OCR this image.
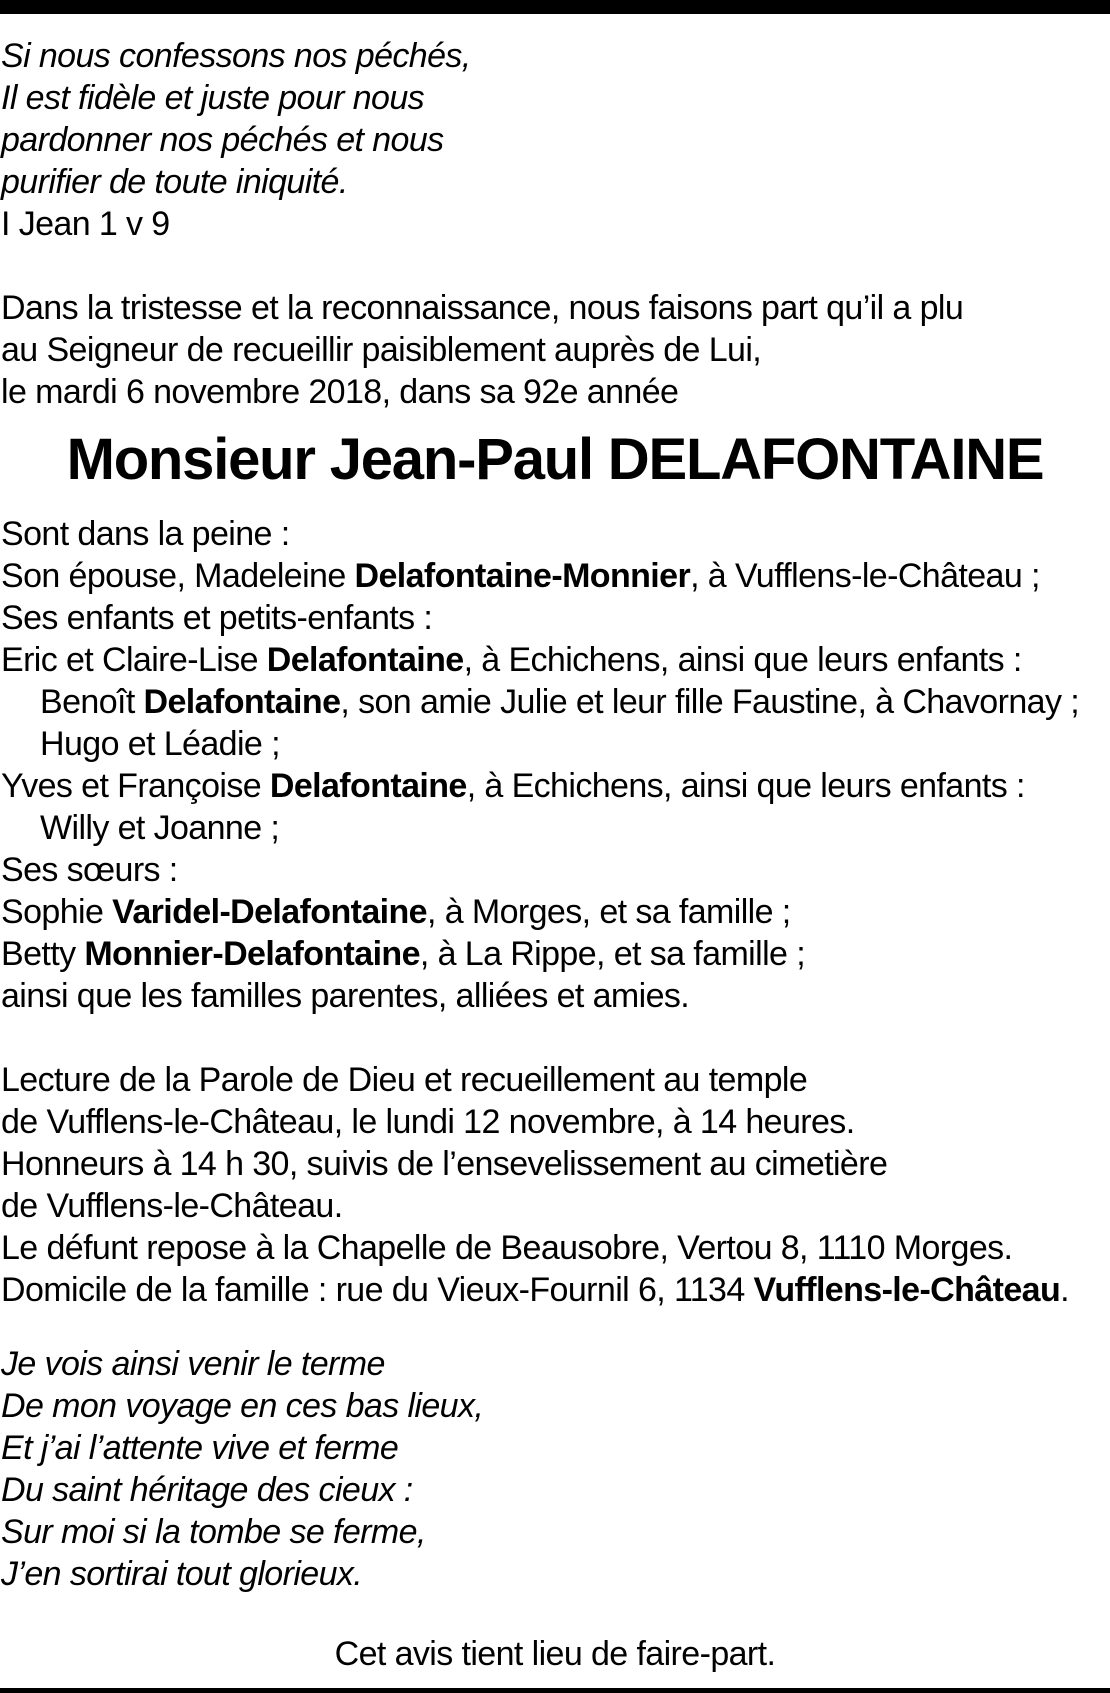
Si nous confessons nos péchés,
Il est fidèle et juste pour nous
pardonner nos péchés et nous
purifier de toute iniquité.
I Jean 1 v 9
Dans la tristesse et la reconnaissance, nous faisons part qu’il a plu
au Seigneur de recueillir paisiblement auprès de Lui,
le mardi 6 novembre 2018, dans sa 92e année
Monsieur Jean-Paul DELAFONTAINE
Sont dans la peine :
Son épouse, Madeleine Delafontaine-Monnier, à Vufflens-le-Château ;
Ses enfants et petits-enfants :
Eric et Claire-Lise Delafontaine, à Echichens, ainsi que leurs enfants :
Benoît Delafontaine, son amie Julie et leur fille Faustine, à Chavornay ;
Hugo et Léadie ;
Yves et Françoise Delafontaine, à Echichens, ainsi que leurs enfants :
Willy et Joanne ;
Ses sœurs :
Sophie Varidel-Delafontaine, à Morges, et sa famille ;
Betty Monnier-Delafontaine, à La Rippe, et sa famille ;
ainsi que les familles parentes, alliées et amies.
Lecture de la Parole de Dieu et recueillement au temple
de Vufflens-le-Château, le lundi 12 novembre, à 14 heures.
Honneurs à 14 h 30, suivis de l’ensevelissement au cimetière
de Vufflens-le-Château.
Le défunt repose à la Chapelle de Beausobre, Vertou 8, 1110 Morges.
Domicile de la famille : rue du Vieux-Fournil 6, 1134 Vufflens-le-Château.
Je vois ainsi venir le terme
De mon voyage en ces bas lieux,
Et j’ai l’attente vive et ferme
Du saint héritage des cieux :
Sur moi si la tombe se ferme,
J’en sortirai tout glorieux.
Cet avis tient lieu de faire-part.
